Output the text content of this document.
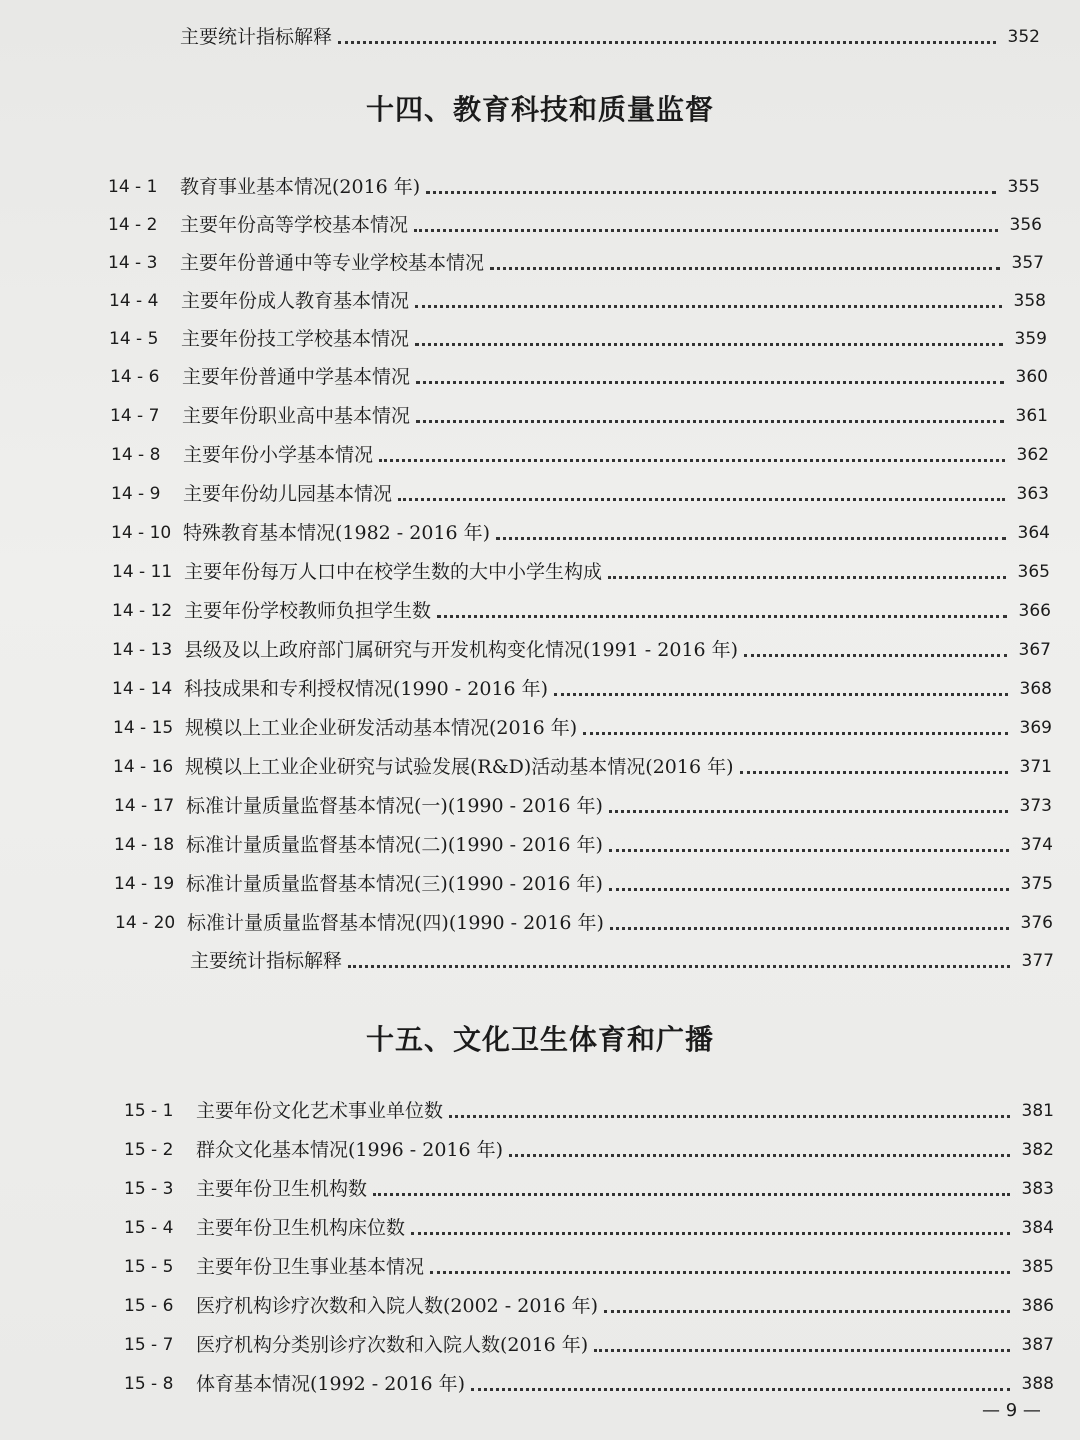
主要统计指标解释	352
十四、教育科技和质量监督
14 - 1	教育事业基本情况(2016 年)	355
14 - 2	主要年份高等学校基本情况	356
14 - 3	主要年份普通中等专业学校基本情况	357
14 - 4	主要年份成人教育基本情况	358
14 - 5	主要年份技工学校基本情况	359
14 - 6	主要年份普通中学基本情况	360
14 - 7	主要年份职业高中基本情况	361
14 - 8	主要年份小学基本情况	362
14 - 9	主要年份幼儿园基本情况	363
14 - 10 特殊教育基本情况(1982 - 2016 年)	364
14 - 11 主要年份每万人口中在校学生数的大中小学生构成	365
14 - 12 主要年份学校教师负担学生数	366
14 - 13 县级及以上政府部门属研究与开发机构变化情况(1991 - 2016 年)	367
14 - 14 科技成果和专利授权情况(1990 - 2016 年)	368
14 - 15 规模以上工业企业研发活动基本情况(2016 年)	369
14 - 16 规模以上工业企业研究与试验发展(R&D)活动基本情况(2016 年)	371
14 - 17 标准计量质量监督基本情况(一)(1990 - 2016 年)	373
14 - 18 标准计量质量监督基本情况(二)(1990 - 2016 年)	374
14 - 19 标准计量质量监督基本情况(三)(1990 - 2016 年)	375
14 - 20 标准计量质量监督基本情况(四)(1990 - 2016 年)	376
主要统计指标解释	377
十五、文化卫生体育和广播
15 - 1	主要年份文化艺术事业单位数	381
15 - 2	群众文化基本情况(1996 - 2016 年)	382
15 - 3	主要年份卫生机构数	383
15 - 4	主要年份卫生机构床位数	384
15 - 5	主要年份卫生事业基本情况	385
15 - 6	医疗机构诊疗次数和入院人数(2002 - 2016 年)	386
15 - 7	医疗机构分类别诊疗次数和入院人数(2016 年)	387
15 - 8	体育基本情况(1992 - 2016 年)	388
— 9 —
